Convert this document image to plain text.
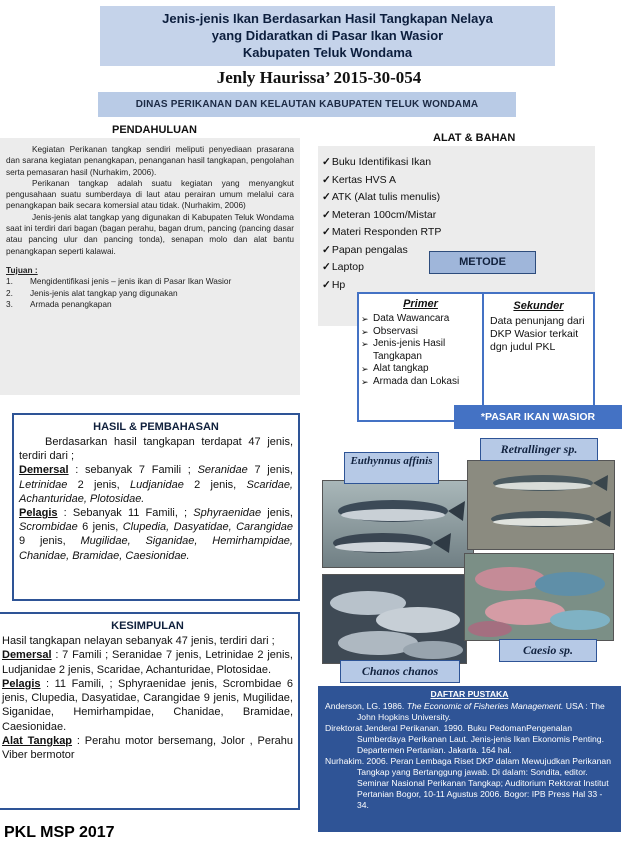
Jenis-jenis Ikan Berdasarkan Hasil Tangkapan Nelaya
yang Didaratkan di Pasar Ikan Wasior
Kabupaten Teluk Wondama
Jenly Haurissa’ 2015-30-054
DINAS PERIKANAN DAN KELAUTAN KABUPATEN TELUK WONDAMA
PENDAHULUAN

Kegiatan Perikanan tangkap sendiri meliputi penyediaan prasarana dan sarana kegiatan penangkapan, penanganan hasil tangkapan, pengolahan serta pemasaran hasil (Nurhakim, 2006).

Perikanan tangkap adalah suatu kegiatan yang menyangkut pengusahaan suatu sumberdaya di laut atau perairan umum melalui cara penangkapan baik secara komersial atau tidak. (Nurhakim, 2006)

Jenis-jenis alat tangkap yang digunakan di Kabupaten Teluk Wondama saat ini terdiri dari bagan (bagan perahu, bagan drum, pancing (pancing dasar atau pancing ulur dan pancing tonda), senapan molo dan alat bantu penangkapan seperti kalawai.

Tujuan :
1. Mengidentifikasi jenis – jenis ikan di Pasar Ikan Wasior
2. Jenis-jenis alat tangkap yang digunakan
3. Armada penangkapan
ALAT & BAHAN
✓ Buku Identifikasi Ikan
✓ Kertas HVS A
✓ ATK (Alat tulis menulis)
✓ Meteran 100cm/Mistar
✓ Materi Responden RTP
✓ Papan pengalas
✓ Laptop
✓ Hp
METODE
Primer
➢ Data Wawancara
➢ Observasi
➢ Jenis-jenis Hasil Tangkapan
➢ Alat tangkap
➢ Armada dan Lokasi
Sekunder
Data penunjang dari DKP Wasior terkait dgn judul PKL
*PASAR IKAN WASIOR
HASIL & PEMBAHASAN
Berdasarkan hasil tangkapan terdapat 47 jenis, terdiri dari ;
Demersal : sebanyak 7 Famili ; Seranidae 7 jenis, Letrinidae 2 jenis, Ludjanidae 2 jenis, Scaridae, Achanturidae, Plotosidae.
Pelagis : Sebanyak 11 Famili, ; Sphyraenidae jenis, Scrombidae 6 jenis, Clupedia, Dasyatidae, Carangidae 9 jenis, Mugilidae, Siganidae, Hemirhampidae, Chanidae, Bramidae, Caesionidae.
KESIMPULAN
Hasil tangkapan nelayan sebanyak 47 jenis, terdiri dari ;
Demersal : 7 Famili ; Seranidae 7 jenis, Letrinidae 2 jenis, Ludjanidae 2 jenis, Scaridae, Achanturidae, Plotosidae.
Pelagis : 11 Famili, ; Sphyraenidae jenis, Scrombidae 6 jenis, Clupedia, Dasyatidae, Carangidae 9 jenis, Mugilidae, Siganidae, Hemirhampidae, Chanidae, Bramidae, Caesionidae.
Alat Tangkap : Perahu motor bersemang, Jolor , Perahu Viber bermotor
PKL MSP 2017
Euthynnus affinis
Retrallinger sp.
Chanos chanos
Caesio sp.
DAFTAR PUSTAKA
Anderson, LG. 1986. The Economic of Fisheries Management. USA : The John Hopkins University.
Direktorat Jenderal Perikanan. 1990. Buku PedomanPengenalan Sumberdaya Perikanan Laut. Jenis-jenis Ikan Ekonomis Penting. Departemen Pertanian. Jakarta. 164 hal.
Nurhakim. 2006. Peran Lembaga Riset DKP dalam Mewujudkan Perikanan Tangkap yang Bertanggung jawab. Di dalam: Sondita, editor. Seminar Nasional Perikanan Tangkap; Auditorium Rektorat Institut Pertanian Bogor, 10-11 Agustus 2006. Bogor: IPB Press Hal 33 - 34.
